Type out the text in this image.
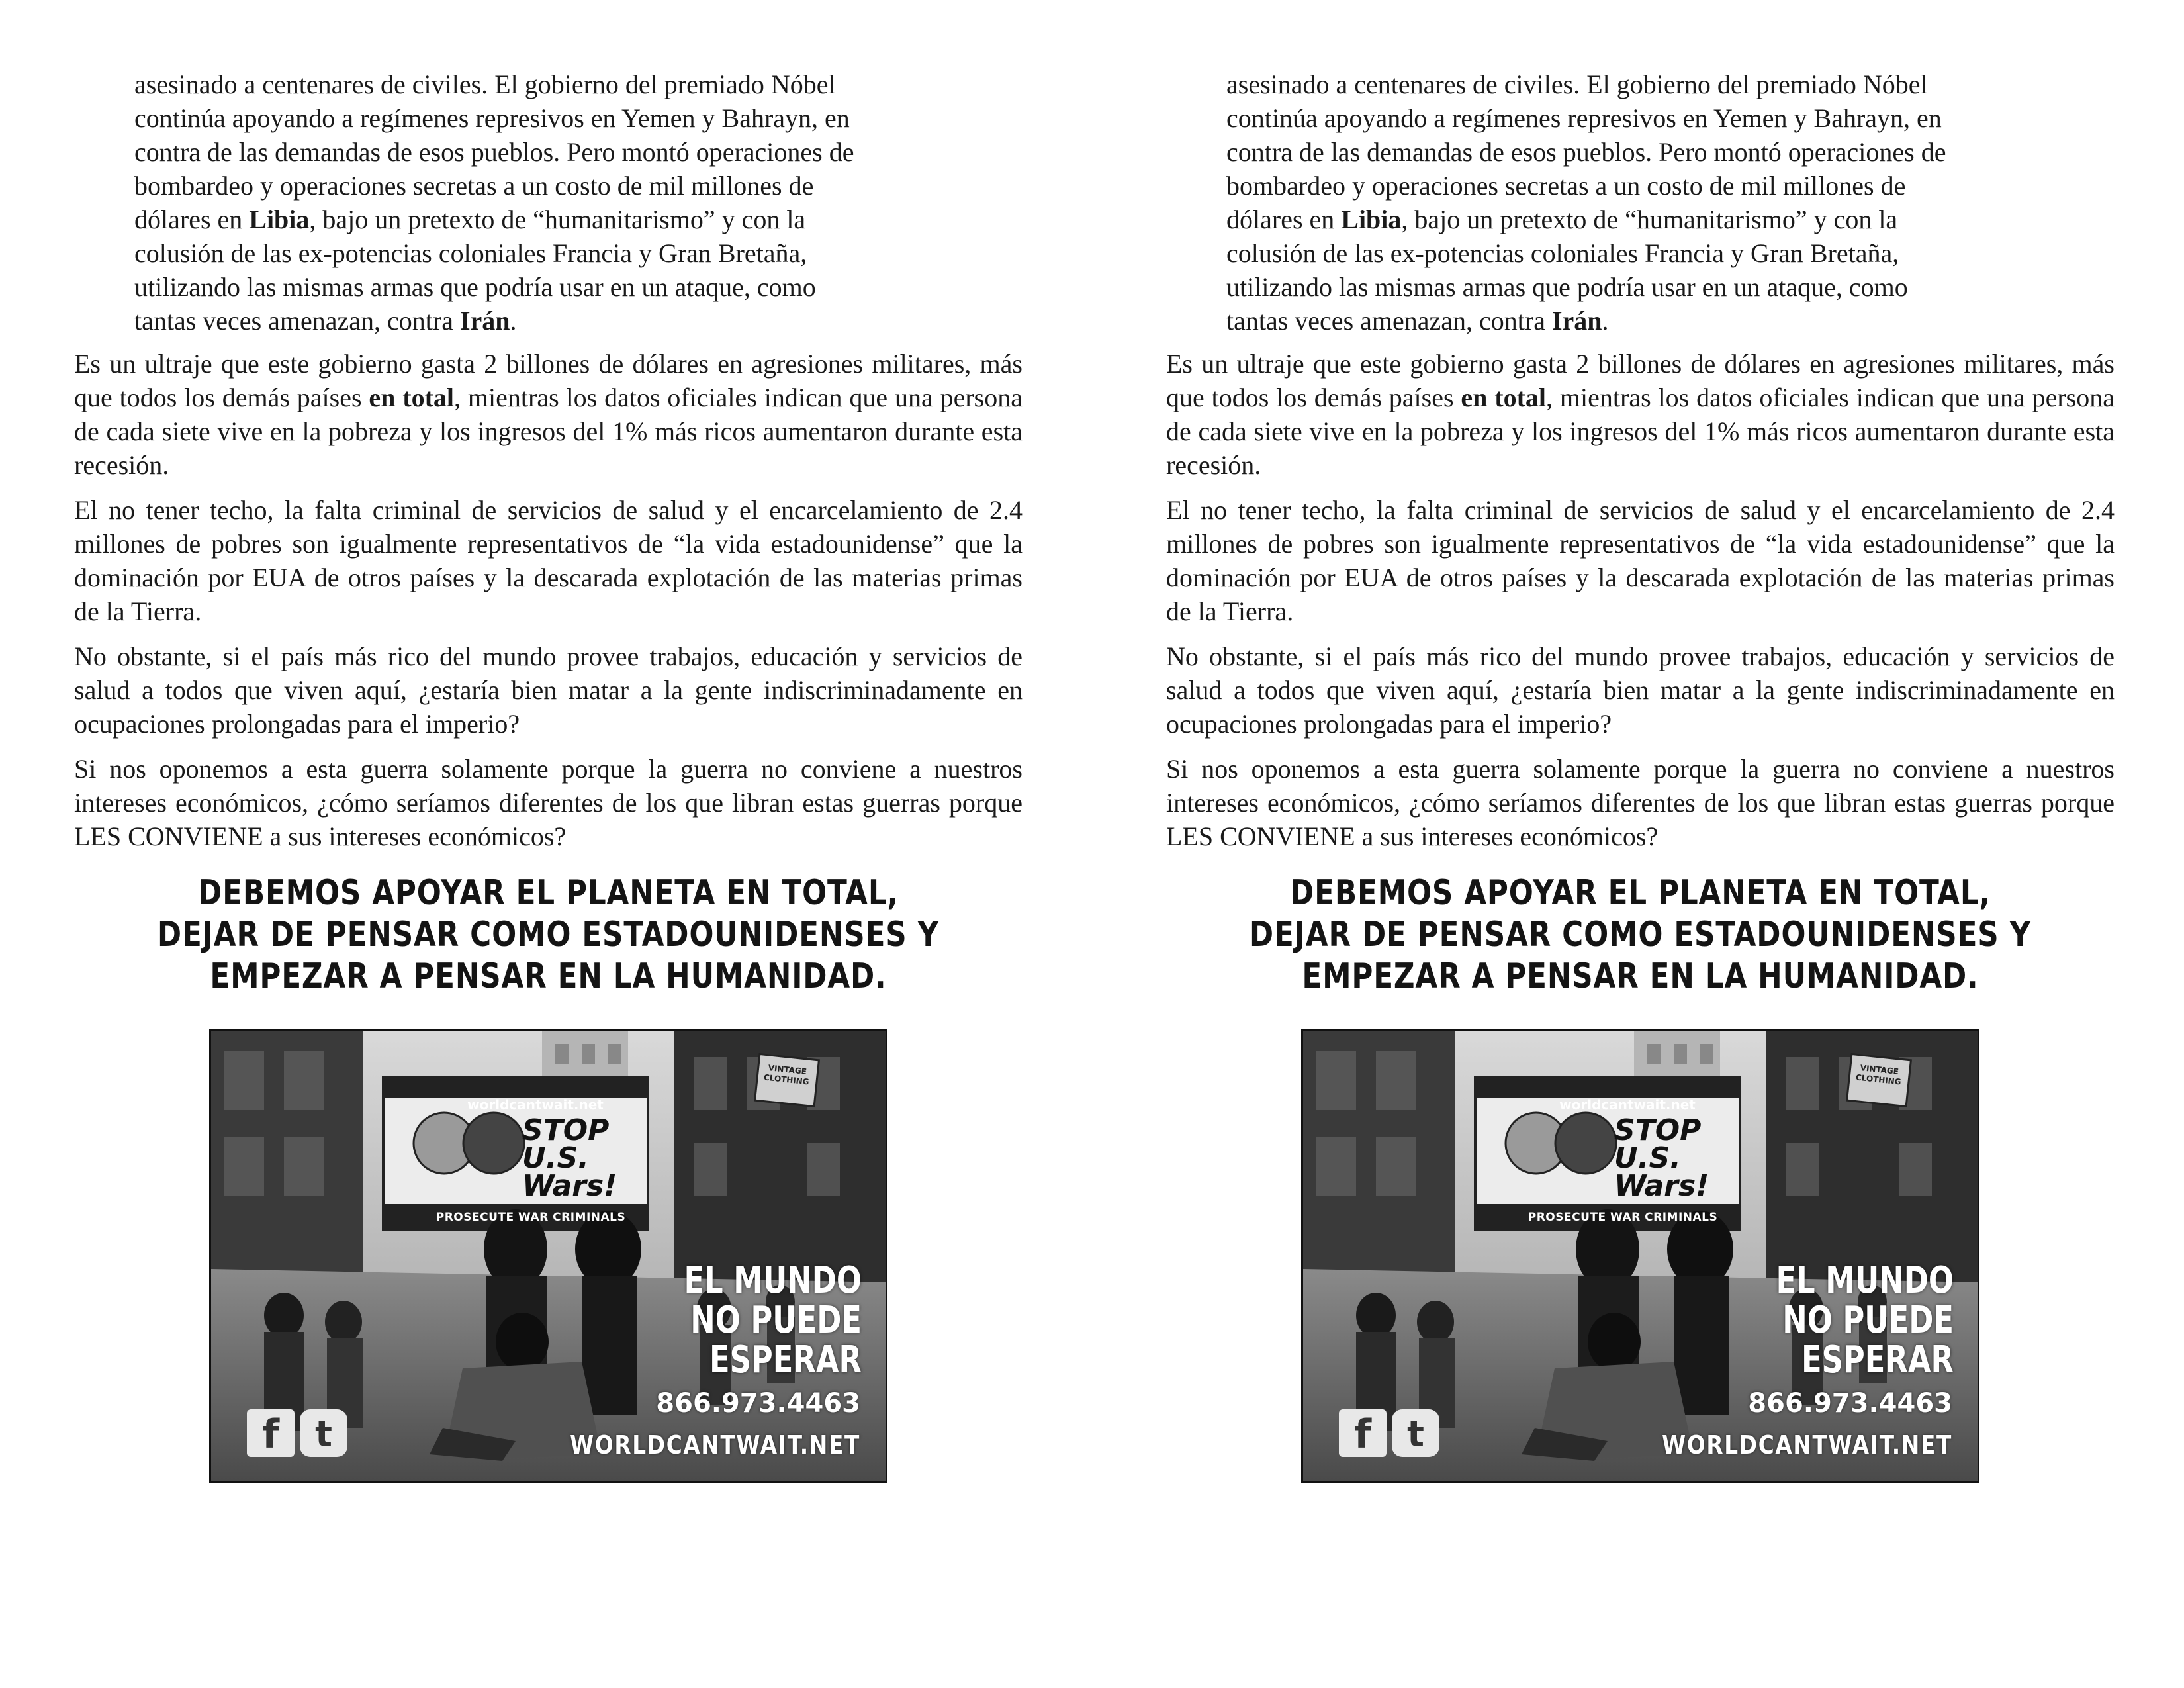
asesinado a centenares de civiles. El gobierno del premiado Nóbel
continúa apoyando a regímenes represivos en Yemen y Bahrayn, en
contra de las demandas de esos pueblos. Pero montó operaciones de
bombardeo y operaciones secretas a un costo de mil millones de
dólares en Libia, bajo un pretexto de “humanitarismo” y con la
colusión de las ex-potencias coloniales Francia y Gran Bretaña,
utilizando las mismas armas que podría usar en un ataque, como
tantas veces amenazan, contra Irán.

Es un ultraje que este gobierno gasta 2 billones de dólares en agresiones militares, más que todos los demás países en total, mientras los datos oficiales indican que una persona de cada siete vive en la pobreza y los ingresos del 1% más ricos aumentaron durante esta recesión.

El no tener techo, la falta criminal de servicios de salud y el encarcelamiento de 2.4 millones de pobres son igualmente representativos de “la vida estadounidense” que la dominación por EUA de otros países y la descarada explotación de las materias primas de la Tierra.

No obstante, si el país más rico del mundo provee trabajos, educación y servicios de salud a todos que viven aquí, ¿estaría bien matar a la gente indiscriminadamente en ocupaciones prolongadas para el imperio?

Si nos oponemos a esta guerra solamente porque la guerra no conviene a nuestros intereses económicos, ¿cómo seríamos diferentes de los que libran estas guerras porque LES CONVIENE a sus intereses económicos?

DEBEMOS APOYAR EL PLANETA EN TOTAL,
DEJAR DE PENSAR COMO ESTADOUNIDENSES Y
EMPEZAR A PENSAR EN LA HUMANIDAD.

worldcantwait.net

STOP
U.S.
Wars!

PROSECUTE WAR CRIMINALS

VINTAGE
CLOTHING

EL MUNDO
NO PUEDE
ESPERAR

866.973.4463

WORLDCANTWAIT.NET

f	t
asesinado a centenares de civiles. El gobierno del premiado Nóbel
continúa apoyando a regímenes represivos en Yemen y Bahrayn, en
contra de las demandas de esos pueblos. Pero montó operaciones de
bombardeo y operaciones secretas a un costo de mil millones de
dólares en Libia, bajo un pretexto de “humanitarismo” y con la
colusión de las ex-potencias coloniales Francia y Gran Bretaña,
utilizando las mismas armas que podría usar en un ataque, como
tantas veces amenazan, contra Irán.

Es un ultraje que este gobierno gasta 2 billones de dólares en agresiones militares, más que todos los demás países en total, mientras los datos oficiales indican que una persona de cada siete vive en la pobreza y los ingresos del 1% más ricos aumentaron durante esta recesión.

El no tener techo, la falta criminal de servicios de salud y el encarcelamiento de 2.4 millones de pobres son igualmente representativos de “la vida estadounidense” que la dominación por EUA de otros países y la descarada explotación de las materias primas de la Tierra.

No obstante, si el país más rico del mundo provee trabajos, educación y servicios de salud a todos que viven aquí, ¿estaría bien matar a la gente indiscriminadamente en ocupaciones prolongadas para el imperio?

Si nos oponemos a esta guerra solamente porque la guerra no conviene a nuestros intereses económicos, ¿cómo seríamos diferentes de los que libran estas guerras porque LES CONVIENE a sus intereses económicos?

DEBEMOS APOYAR EL PLANETA EN TOTAL,
DEJAR DE PENSAR COMO ESTADOUNIDENSES Y
EMPEZAR A PENSAR EN LA HUMANIDAD.

worldcantwait.net

STOP
U.S.
Wars!

PROSECUTE WAR CRIMINALS

VINTAGE
CLOTHING

EL MUNDO
NO PUEDE
ESPERAR

866.973.4463

WORLDCANTWAIT.NET

f	t
